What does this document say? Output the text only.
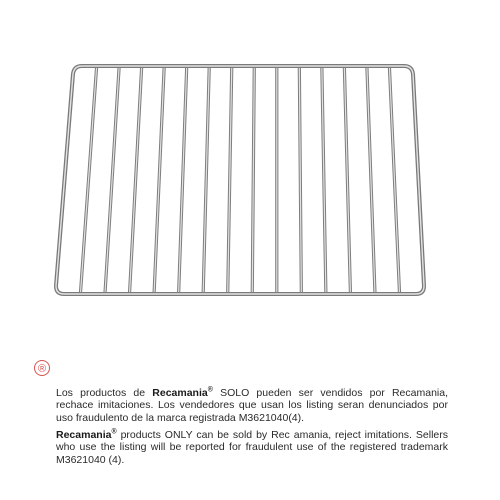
®

Los productos de Recamania® SOLO pueden ser vendidos por Recamania, rechace imitaciones. Los vendedores que usan los listing seran denunciados por uso fraudulento de la marca registrada M3621040(4).

Recamania® products ONLY can be sold by Rec amania, reject imitations. Sellers who use the listing will be reported for fraudulent use of the registered trademark M3621040 (4).
